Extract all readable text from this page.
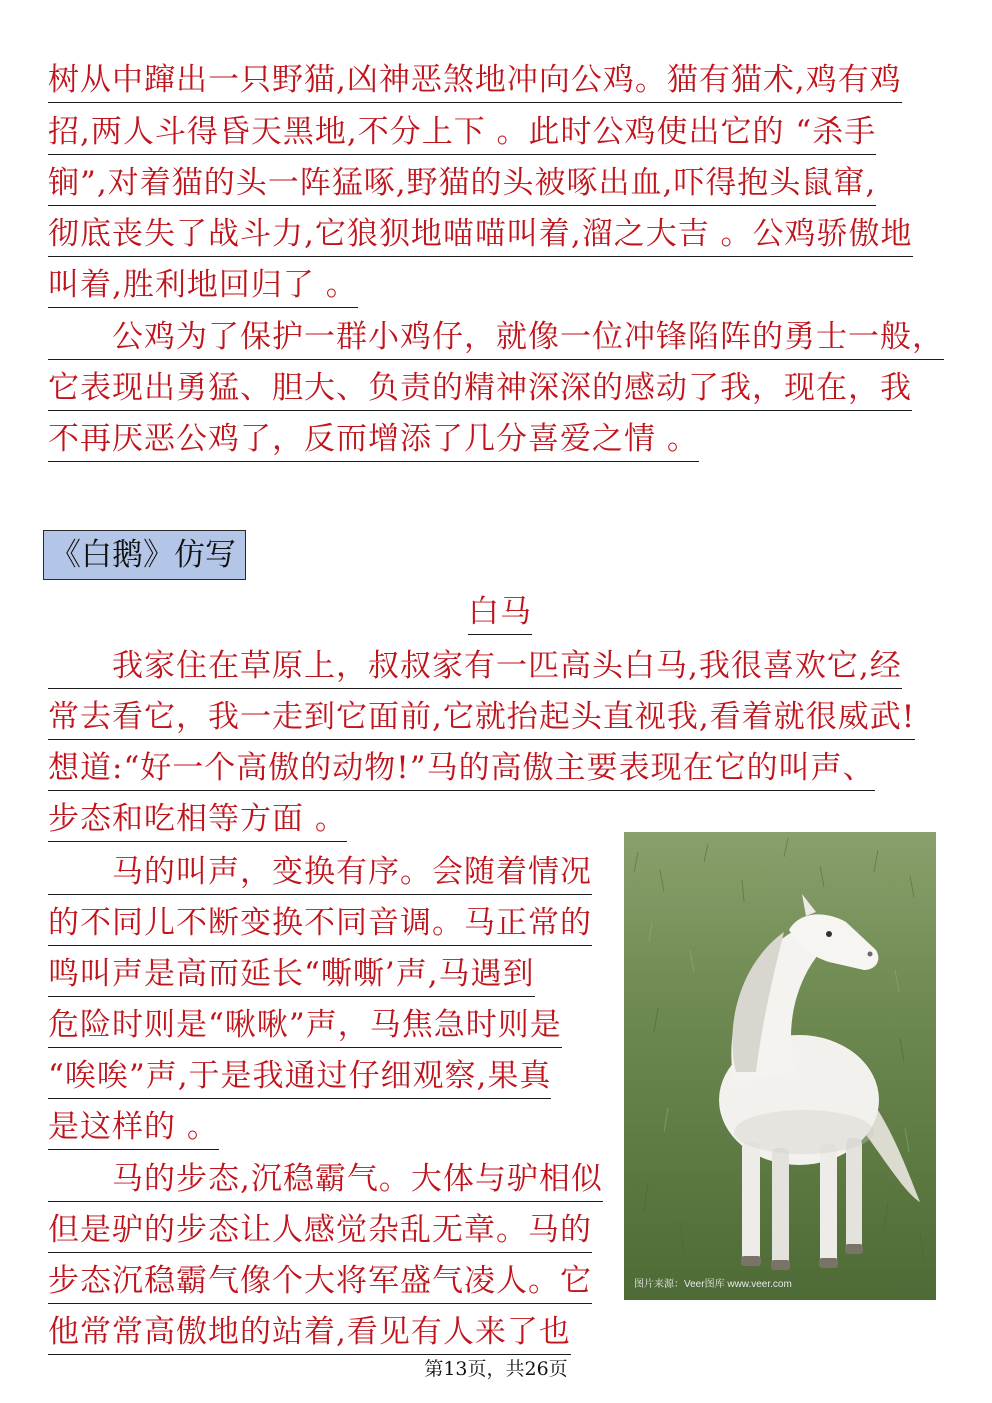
树从中蹿出一只野猫,凶神恶煞地冲向公鸡。猫有猫术,鸡有鸡
招,两人斗得昏天黑地,不分上下 。此时公鸡使出它的 “杀手
锏”,对着猫的头一阵猛啄,野猫的头被啄出血,吓得抱头鼠窜,
彻底丧失了战斗力,它狼狈地喵喵叫着,溜之大吉 。公鸡骄傲地
叫着,胜利地回归了 。
公鸡为了保护一群小鸡仔，就像一位冲锋陷阵的勇士一般，
它表现出勇猛、胆大、负责的精神深深的感动了我，现在，我
不再厌恶公鸡了，反而增添了几分喜爱之情 。
《白鹅》仿写
白马
我家住在草原上，叔叔家有一匹高头白马,我很喜欢它,经
常去看它，我一走到它面前,它就抬起头直视我,看着就很威武!
想道:“好一个高傲的动物!”马的高傲主要表现在它的叫声、
步态和吃相等方面 。
马的叫声，变换有序。会随着情况
的不同儿不断变换不同音调。马正常的
鸣叫声是高而延长“嘶嘶’声,马遇到
危险时则是“啾啾”声，马焦急时则是
“唉唉”声,于是我通过仔细观察,果真
是这样的 。
马的步态,沉稳霸气。大体与驴相似
但是驴的步态让人感觉杂乱无章。马的
步态沉稳霸气像个大将军盛气凌人。它
他常常高傲地的站着,看见有人来了也
图片来源：Veer图库 www.veer.com
第13页，共26页
